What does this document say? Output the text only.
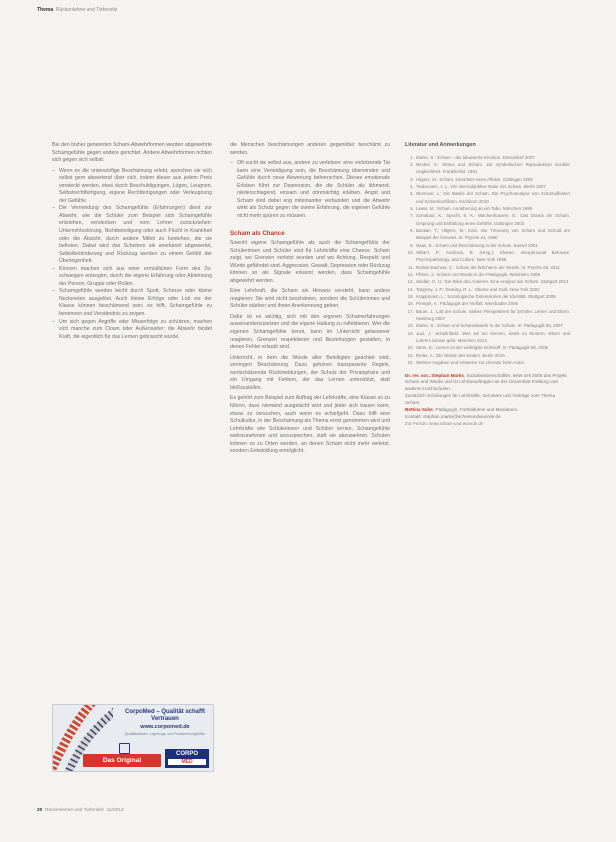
Thema Rückenlehne und Tiefensitz

Bei den bisher genannten Scham-Abwehrformen werden abgewehrte Schamgefühle gegen andere gerichtet. Andere Abwehrformen richten sich gegen sich selbst:

– Wenn es die unterwürfige Beschämung erlebt, sprechen sie sich selbst gern abwertend über sich, indem dieser aus jedem Preis versteckt werden, etwa durch Beschuldigungen, Lügen, Leugnen, Selbstrechtfertigung, eigene Rechtfertigungen oder Verleugnung der Gefühle.
– Die Vermeidung des Schamgefühls (Erfahrungen) dient zur Abwehr, wie die Schüler zum Beispiel sich Schamgefühle entziehen, verstecken und vom Lehrer zurückziehen: Unterrichtsstörung, Nichtbeteiligung oder auch Flucht in Krankheit oder die Absicht, durch andere Mittel zu bestehen, die sie befreien. Dabei wird das Scheitern als anerkannt abgewertet, Selbstbehinderung und Rückzug werden zu einem Gefühl der Überlegenheit.
– Können machen sich aus einer ermüdlichen Form des Zu-schweigen entzogen, durch die eigene Erfahrung oder Ablehnung der Person, Gruppe oder Rollen.
– Schamgefühle werden leicht durch Spott, Scherze oder kleine Neckereien ausgelöst. Auch kleine Erfolge oder Lob vor der Klasse können beschämend sein; es hilft, Schamgefühle zu benennen und Verständnis zu zeigen.
– Um sich gegen Angriffe oder Misserfolge zu schützen, machen sich manche zum Clown oder Außenseiter; die Abwehr bindet Kraft, die eigentlich für das Lernen gebraucht würde.
CorpoMed – Qualität schafft Vertrauen
www.corpomed.de
Qualitätskissen, Lagerungs- und Positionierungshilfen
Das Original
CORPO
MED

die Menschen beschämungen anderen gegenüber beschämt zu werden.

– Oft sucht sie selbst aus, andere zu verletzen: eine verletzende Tat kann eine Verteidigung sein, die Beschämung überwinden und Gefühle durch neue Abwertung beherrschen. Dieses emotionale Erleben führt zur Depression, die die Schüler als lähmend, niederschlagend, einsam und ohnmächtig erleben. Angst und Scham sind dabei eng miteinander verbunden und die Abwehr wirkt als Schutz gegen die innere Erfahrung, die eigenen Gefühle nicht mehr spüren zu müssen.
Scham als Chance

Sowohl eigene Schamgefühle als auch die Schamgefühle der Schülerinnen und Schüler sind für Lehrkräfte eine Chance. Scham zeigt, wo Grenzen verletzt wurden und wo Achtung, Respekt und Würde gefährdet sind. Aggression, Gewalt, Depression oder Rückzug können so als Signale erkannt werden, dass Schamgefühle abgewehrt werden.

Eine Lehrkraft, die Scham als Hinweis versteht, kann anders reagieren: Sie wird nicht beschämen, sondern die Schülerinnen und Schüler stärken und ihnen Anerkennung geben.

Dafür ist es wichtig, sich mit den eigenen Schamerfahrungen auseinanderzusetzen und die eigene Haltung zu reflektieren. Wer die eigenen Schamgefühle kennt, kann im Unterricht gelassener reagieren, Grenzen respektieren und Beziehungen gestalten, in denen Fehler erlaubt sind.

Unterricht, in dem die Würde aller Beteiligten geachtet wird, verringert Beschämung. Dazu gehören transparente Regeln, wertschätzende Rückmeldungen, der Schutz der Privatsphäre und ein Umgang mit Fehlern, der das Lernen unterstützt, statt bloßzustellen.

Es gehört zum Beispiel zum Auftrag der Lehrkräfte, eine Klasse so zu führen, dass niemand ausgelacht wird und jeder sich trauen kann, etwas zu versuchen, auch wenn es schiefgeht. Dazu hilft eine Schulkultur, in der Beschämung als Thema ernst genommen wird und Lehrkräfte wie Schülerinnen und Schüler lernen, Schamgefühle wahrzunehmen und anzusprechen, statt sie abzuwehren. Schulen können so zu Orten werden, an denen Scham nicht mehr verletzt, sondern Entwicklung ermöglicht.

Literatur und Anmerkungen
1. Marks, S.: Scham – die tabuisierte Emotion. Düsseldorf 2007
2. Neckel, S.: Status und Scham. Zur symbolischen Reproduktion sozialer Ungleichheit. Frankfurt/M. 1991
3. Hilgers, M.: Scham. Gesichter eines Affekts. Göttingen 2006
4. Tiedemann, J. L.: Die intersubjektive Natur der Scham. Berlin 2007
5. Wurmser, L.: Die Maske der Scham. Die Psychoanalyse von Schamaffekten und Schamkonflikten. Eschborn 2010
6. Lewis, M.: Scham. Annäherung an ein Tabu. München 1995
7. Schüttauf, K.; Specht, E. K.; Wachenhausen, G.: Das Drama der Scham. Ursprung und Entfaltung eines Gefühls. Göttingen 2003
8. Bastian, T.; Hilgers, M.: Kain. Die Trennung von Scham und Schuld am Beispiel der Genesis. In: Psyche 44, 1990
9. Haas, E.: Scham und Beschämung in der Schule. Kassel 2001
10. Gilbert, P.; Andrews, B. (Hrsg.): Shame. Interpersonal Behavior, Psychopathology, and Culture. New York 1998
11. Rohde-Dachser, C.: Scham als Wächterin der Würde. In: Psyche 65, 2011
12. Pfister, J.: Scham und Würde in der Pädagogik. Weinheim 2009
13. Seidler, G. H.: Der Blick des Anderen. Eine Analyse der Scham. Stuttgart 2012
14. Tangney, J. P.; Dearing, R. L.: Shame and Guilt. New York 2002
15. Krappmann, L.: Soziologische Dimensionen der Identität. Stuttgart 2005
16. Prengel, A.: Pädagogik der Vielfalt. Wiesbaden 2006
17. Bauer, J.: Lob der Schule. Sieben Perspektiven für Schüler, Lehrer und Eltern. Hamburg 2007
18. Marks, S.: Scham und Schamabwehr in der Schule. In: Pädagogik 59, 2007
19. Juul, J.: Schulinfarkt. Was wir tun können, damit es Kindern, Eltern und Lehrern besser geht. München 2013
20. Stern, E.: Lernen ist der wichtigste Rohstoff. In: Pädagogik 58, 2006
21. Reiter, A.: Die Würde des Kindes. Berlin 2010
22. Weitere Angaben und Hinweise zur Literatur beim Autor.
Dr. rer. soc. Stephan Marks, Sozialwissenschaftler, leitet seit 2006 das Projekt Scham und Würde und ist Lehrbeauftragter an der Universität Freiburg und anderen Hochschulen.
Zusätzlich Schulungen für Lehrkräfte, Seminare und Vorträge zum Thema Scham.
Bettina Sahe, Pädagogin, Fortbildnerin und Mediatorin.
Kontakt: stephan.marks@schamundwuerde.de
Zur Person: www.scham-und-wuerde.de
20 Rückenlehne und Tiefensitz 11/2014
